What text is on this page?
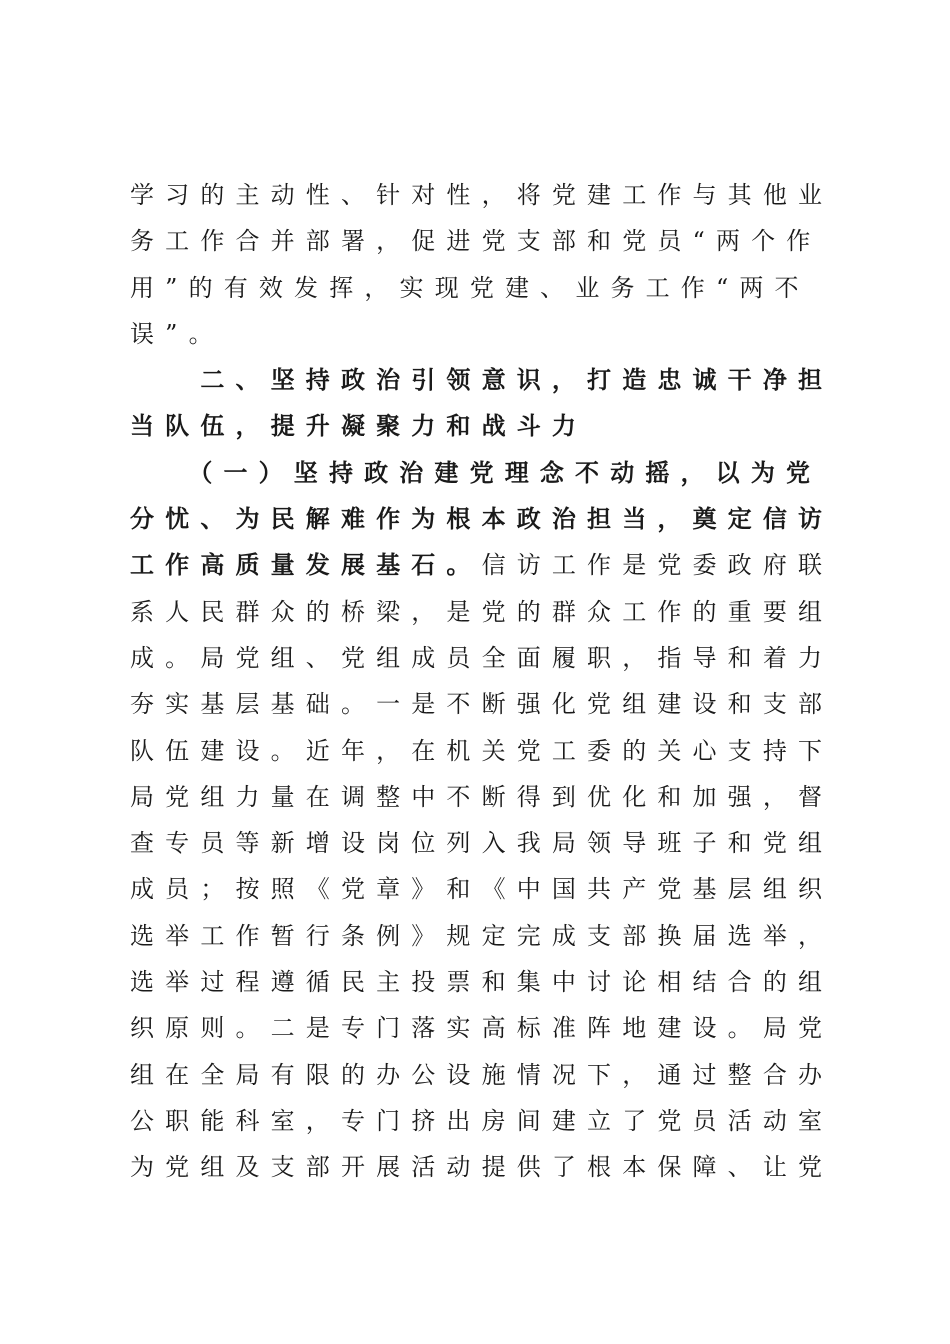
学习的主动性、针对性，将党建工作与其他业
务工作合并部署，促进党支部和党员“两个作
用”的有效发挥，实现党建、业务工作“两不
误”。
　　二、坚持政治引领意识，打造忠诚干净担
当队伍，提升凝聚力和战斗力
　　（一）坚持政治建党理念不动摇，以为党
分忧、为民解难作为根本政治担当，奠定信访
工作高质量发展基石。信访工作是党委政府联
系人民群众的桥梁，是党的群众工作的重要组
成。局党组、党组成员全面履职，指导和着力
夯实基层基础。一是不断强化党组建设和支部
队伍建设。近年，在机关党工委的关心支持下
局党组力量在调整中不断得到优化和加强，督
查专员等新增设岗位列入我局领导班子和党组
成员；按照《党章》和《中国共产党基层组织
选举工作暂行条例》规定完成支部换届选举，
选举过程遵循民主投票和集中讨论相结合的组
织原则。二是专门落实高标准阵地建设。局党
组在全局有限的办公设施情况下，通过整合办
公职能科室，专门挤出房间建立了党员活动室
为党组及支部开展活动提供了根本保障、让党
